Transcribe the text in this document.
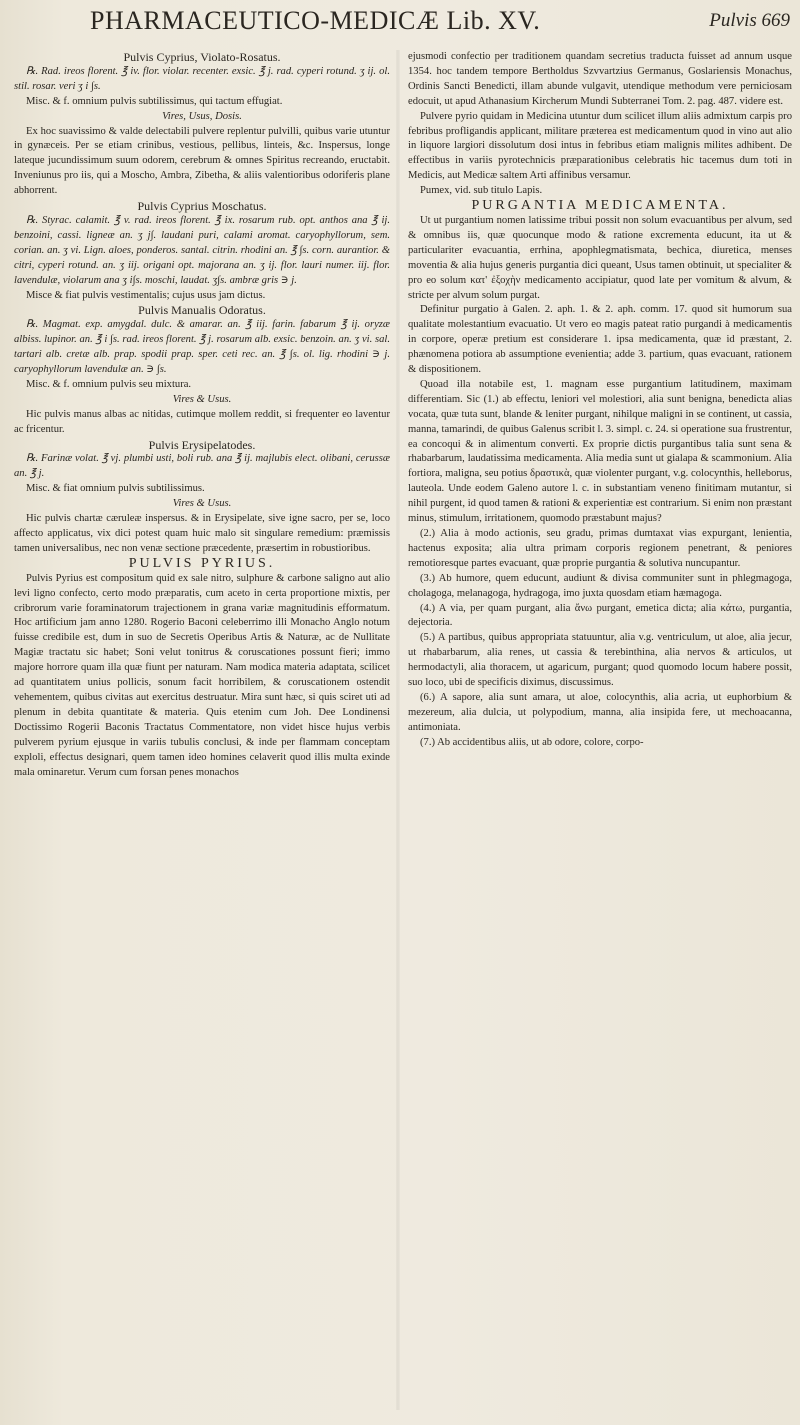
PHARMACEUTICO-MEDICÆ Lib. XV.	Pulvis 669

Pulvis Cyprius, Violato-Rosatus.

℞. Rad. ireos florent. ℥ iv. flor. violar. recenter. exsic. ℥ j. rad. cyperi rotund. ʒ ij. ol. stil. rosar. veri ʒ i ∫s.

Misc. & f. omnium pulvis subtilissimus, qui tactum effugiat.

Vires, Usus, Dosis.

Ex hoc suavissimo & valde delectabili pulvere replentur pulvilli, quibus varie utuntur in gynæceis. Per se etiam crinibus, vestious, pellibus, linteis, &c. Inspersus, longe lateque jucundissimum suum odorem, cerebrum & omnes Spiritus recreando, eructabit. Inveniunus pro iis, qui a Moscho, Ambra, Zibetha, & aliis valentioribus odoriferis plane abhorrent.

Pulvis Cyprius Moschatus.

℞. Styrac. calamit. ℥ v. rad. ireos florent. ℥ ix. rosarum rub. opt. anthos ana ℥ ij. benzoini, cassi. ligneæ an. ʒ j∫. laudani puri, calami aromat. caryophyllorum, sem. corian. an. ʒ vi. Lign. aloes, ponderos. santal. citrin. rhodini an. ℥ ∫s. corn. aurantior. & citri, cyperi rotund. an. ʒ iij. origani opt. majorana an. ʒ ij. flor. lauri numer. iij. flor. lavendulæ, violarum ana ʒ i∫s. moschi, laudat. ʒ∫s. ambræ gris ∋ j.

Misce & fiat pulvis vestimentalis; cujus usus jam dictus.

Pulvis Manualis Odoratus.

℞. Magmat. exp. amygdal. dulc. & amarar. an. ℥ iij. farin. fabarum ℥ ij. oryzæ albiss. lupinor. an. ℥ i ∫s. rad. ireos florent. ℥ j. rosarum alb. exsic. benzoin. an. ʒ vi. sal. tartari alb. cretæ alb. prap. spodii prap. sper. ceti rec. an. ℥ ∫s. ol. lig. rhodini ∋ j. caryophyllorum lavendulæ an. ∋ ∫s.

Misc. & f. omnium pulvis seu mixtura.

Vires & Usus.

Hic pulvis manus albas ac nitidas, cutimque mollem reddit, si frequenter eo laventur ac fricentur.

Pulvis Erysipelatodes.

℞. Farinæ volat. ℥ vj. plumbi usti, boli rub. ana ℥ ij. majlubis elect. olibani, cerussæ an. ℥ j.

Misc. & fiat omnium pulvis subtilissimus.

Vires & Usus.

Hic pulvis chartæ cæruleæ inspersus. & in Erysipelate, sive igne sacro, per se, loco affecto applicatus, vix dici potest quam huic malo sit singulare remedium: præmissis tamen universalibus, nec non venæ sectione præcedente, præsertim in robustioribus.

PULVIS PYRIUS.

Pulvis Pyrius est compositum quid ex sale nitro, sulphure & carbone saligno aut alio levi ligno confecto, certo modo præparatis, cum aceto in certa proportione mixtis, per cribrorum varie foraminatorum trajectionem in grana variæ magnitudinis efformatum. Hoc artificium jam anno 1280. Rogerio Baconi celeberrimo illi Monacho Anglo notum fuisse credibile est, dum in suo de Secretis Operibus Artis & Naturæ, ac de Nullitate Magiæ tractatu sic habet; Soni velut tonitrus & coruscationes possunt fieri; immo majore horrore quam illa quæ fiunt per naturam. Nam modica materia adaptata, scilicet ad quantitatem unius pollicis, sonum facit horribilem, & coruscationem ostendit vehementem, quibus civitas aut exercitus destruatur. Mira sunt hæc, si quis sciret uti ad plenum in debita quantitate & materia. Quis etenim cum Joh. Dee Londinensi Doctissimo Rogerii Baconis Tractatus Commentatore, non videt hisce hujus verbis pulverem pyrium ejusque in variis tubulis conclusi, & inde per flammam conceptam exploli, effectus designari, quem tamen ideo homines celaverit quod illis multa exinde mala ominaretur. Verum cum forsan penes monachos

ejusmodi confectio per traditionem quandam secretius traducta fuisset ad annum usque 1354. hoc tandem tempore Bertholdus Szvvartzius Germanus, Goslariensis Monachus, Ordinis Sancti Benedicti, illam abunde vulgavit, utendique methodum vere perniciosam edocuit, ut apud Athanasium Kircherum Mundi Subterranei Tom. 2. pag. 487. videre est.

Pulvere pyrio quidam in Medicina utuntur dum scilicet illum aliis admixtum carpis pro febribus profligandis applicant, militare præterea est medicamentum quod in vino aut alio in liquore largiori dissolutum dosi intus in febribus etiam malignis milites adhibent. De effectibus in variis pyrotechnicis præparationibus celebratis hic tacemus dum toti in Medicis, aut Medicæ saltem Arti affinibus versamur.

Pumex, vid. sub titulo Lapis.

PURGANTIA MEDICAMENTA.

Ut ut purgantium nomen latissime tribui possit non solum evacuantibus per alvum, sed & omnibus iis, quæ quocunque modo & ratione excrementa educunt, ita ut & particulariter evacuantia, errhina, apophlegmatismata, bechica, diuretica, menses moventia & alia hujus generis purgantia dici queant, Usus tamen obtinuit, ut specialiter & pro eo solum κατ' ἐξοχὴν medicamento accipiatur, quod late per vomitum & alvum, & stricte per alvum solum purgat.

Definitur purgatio à Galen. 2. aph. 1. & 2. aph. comm. 17. quod sit humorum sua qualitate molestantium evacuatio. Ut vero eo magis pateat ratio purgandi à medicamentis in corpore, operæ pretium est considerare 1. ipsa medicamenta, quæ id præstant, 2. phænomena potiora ab assumptione evenientia; adde 3. partium, quas evacuant, rationem & dispositionem.

Quoad illa notabile est, 1. magnam esse purgantium latitudinem, maximam differentiam. Sic (1.) ab effectu, leniori vel molestiori, alia sunt benigna, benedicta alias vocata, quæ tuta sunt, blande & leniter purgant, nihilque maligni in se continent, ut cassia, manna, tamarindi, de quibus Galenus scribit l. 3. simpl. c. 24. si operatione sua frustrentur, ea concoqui & in alimentum converti. Ex proprie dictis purgantibus talia sunt sena & rhabarbarum, laudatissima medicamenta. Alia media sunt ut gialapa & scammonium. Alia fortiora, maligna, seu potius δραστικὰ, quæ violenter purgant, v.g. colocynthis, helleborus, lauteola. Unde eodem Galeno autore l. c. in substantiam veneno finitimam mutantur, si nihil purgent, id quod tamen & rationi & experientiæ est contrarium. Si enim non præstant minus, stimulum, irritationem, quomodo præstabunt majus?

(2.) Alia à modo actionis, seu gradu, primas dumtaxat vias expurgant, lenientia, hactenus exposita; alia ultra primam corporis regionem penetrant, & peniores remotioresque partes evacuant, quæ proprie purgantia & solutiva nuncupantur.

(3.) Ab humore, quem educunt, audiunt & divisa communiter sunt in phlegmagoga, cholagoga, melanagoga, hydragoga, imo juxta quosdam etiam hæmagoga.

(4.) A via, per quam purgant, alia ἄνω purgant, emetica dicta; alia κάτω, purgantia, dejectoria.

(5.) A partibus, quibus appropriata statuuntur, alia v.g. ventriculum, ut aloe, alia jecur, ut rhabarbarum, alia renes, ut cassia & terebinthina, alia nervos & articulos, ut hermodactyli, alia thoracem, ut agaricum, purgant; quod quomodo locum habere possit, suo loco, ubi de specificis diximus, discussimus.

(6.) A sapore, alia sunt amara, ut aloe, colocynthis, alia acria, ut euphorbium & mezereum, alia dulcia, ut polypodium, manna, alia insipida fere, ut mechoacanna, antimoniata.

(7.) Ab accidentibus aliis, ut ab odore, colore, corpo-
